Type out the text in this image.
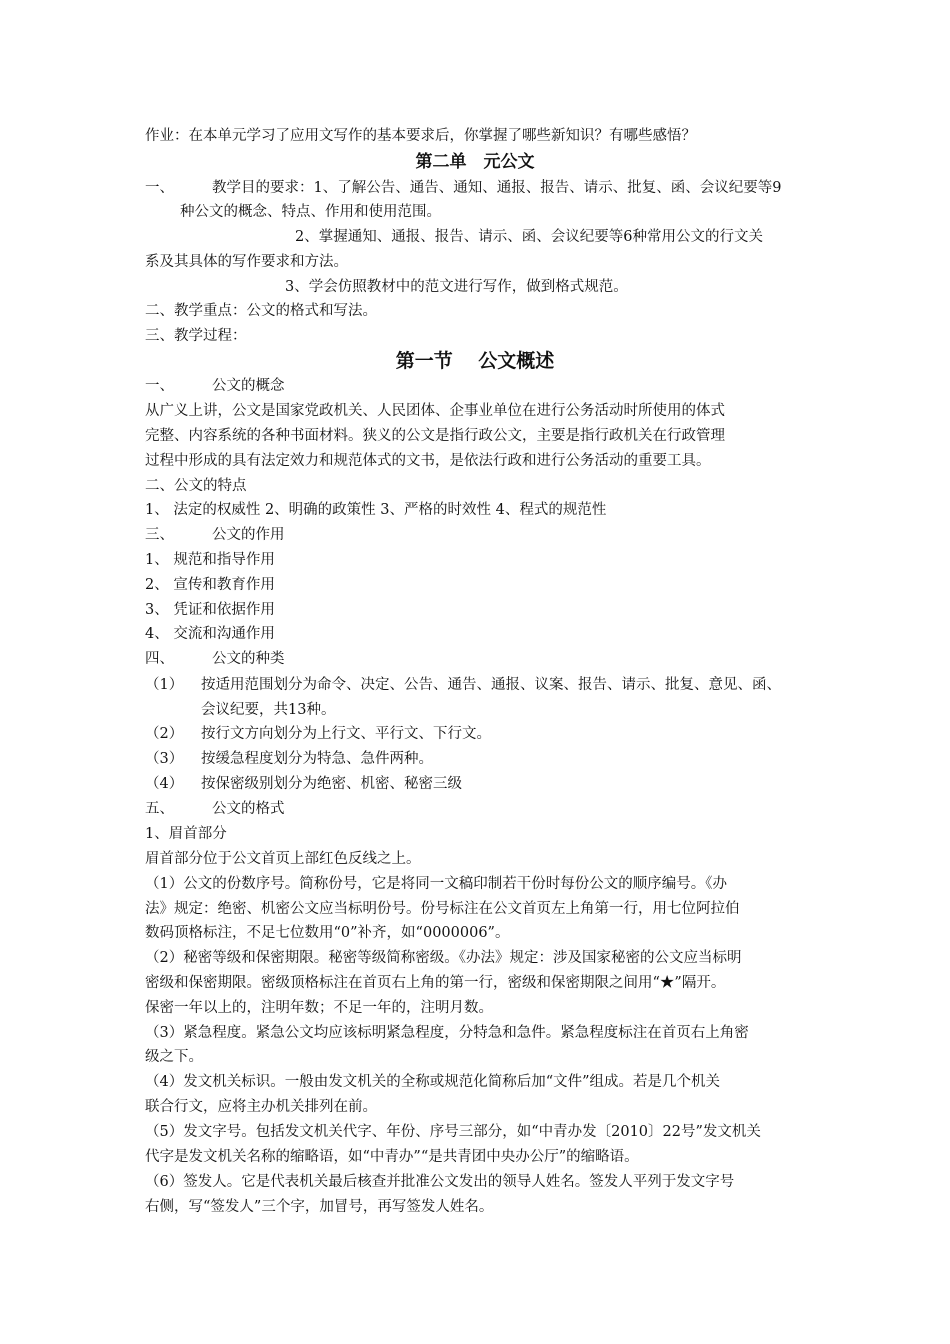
作业：在本单元学习了应用文写作的基本要求后，你掌握了哪些新知识？有哪些感悟？
第二单　元公文
一、	教学目的要求：1、了解公告、通告、通知、通报、报告、请示、批复、函、会议纪要等9
种公文的概念、特点、作用和使用范围。
2、掌握通知、通报、报告、请示、函、会议纪要等6种常用公文的行文关
系及其具体的写作要求和方法。
3、学会仿照教材中的范文进行写作，做到格式规范。
二、教学重点：公文的格式和写法。
三、教学过程：
第一节　 公文概述
一、	公文的概念
从广义上讲，公文是国家党政机关、人民团体、企事业单位在进行公务活动时所使用的体式
完整、内容系统的各种书面材料。狭义的公文是指行政公文，主要是指行政机关在行政管理
过程中形成的具有法定效力和规范体式的文书，是依法行政和进行公务活动的重要工具。
二、公文的特点
1、 法定的权威性 2、明确的政策性 3、严格的时效性 4、程式的规范性
三、	公文的作用
1、 规范和指导作用
2、 宣传和教育作用
3、 凭证和依据作用
4、 交流和沟通作用
四、	公文的种类
（1） 按适用范围划分为命令、决定、公告、通告、通报、议案、报告、请示、批复、意见、函、
会议纪要，共13种。
（2） 按行文方向划分为上行文、平行文、下行文。
（3） 按缓急程度划分为特急、急件两种。
（4） 按保密级别划分为绝密、机密、秘密三级
五、	公文的格式
1、眉首部分
眉首部分位于公文首页上部红色反线之上。
（1）公文的份数序号。简称份号，它是将同一文稿印制若干份时每份公文的顺序编号。《办
法》规定：绝密、机密公文应当标明份号。份号标注在公文首页左上角第一行，用七位阿拉伯
数码顶格标注，不足七位数用“0”补齐，如“0000006”。
（2）秘密等级和保密期限。秘密等级简称密级。《办法》规定：涉及国家秘密的公文应当标明
密级和保密期限。密级顶格标注在首页右上角的第一行，密级和保密期限之间用“★”隔开。
保密一年以上的，注明年数；不足一年的，注明月数。
（3）紧急程度。紧急公文均应该标明紧急程度，分特急和急件。紧急程度标注在首页右上角密
级之下。
（4）发文机关标识。一般由发文机关的全称或规范化简称后加“文件”组成。若是几个机关
联合行文，应将主办机关排列在前。
（5）发文字号。包括发文机关代字、年份、序号三部分，如“中青办发〔2010〕22号”发文机关
代字是发文机关名称的缩略语，如“中青办”“是共青团中央办公厅”的缩略语。
（6）签发人。它是代表机关最后核查并批准公文发出的领导人姓名。签发人平列于发文字号
右侧，写“签发人”三个字，加冒号，再写签发人姓名。
